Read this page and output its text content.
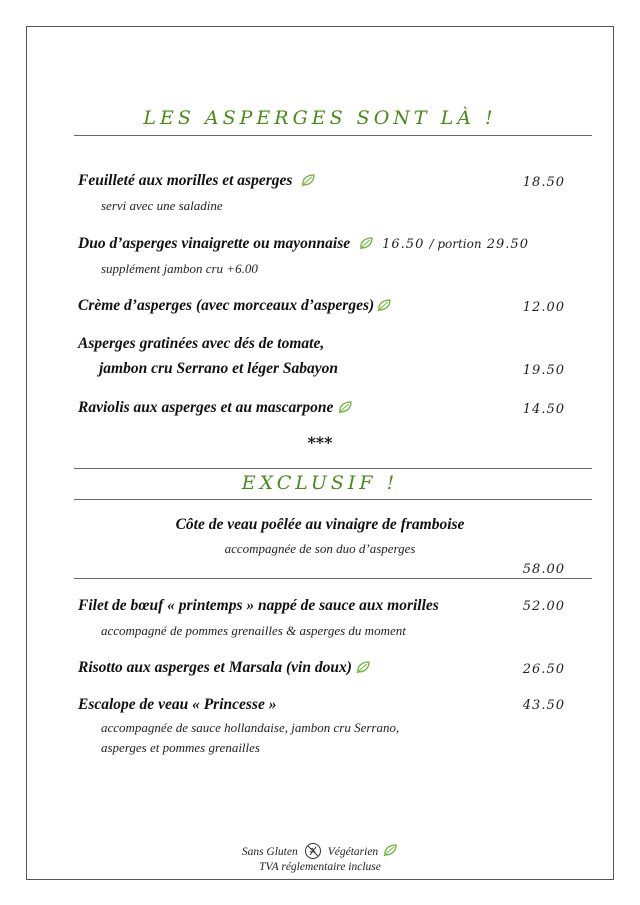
LES ASPERGES SONT LÀ !
Feuilleté aux morilles et asperges	18.50
servi avec une saladine
Duo d’asperges vinaigrette ou mayonnaise 16.50 / portion 29.50
supplément jambon cru +6.00
Crème d’asperges (avec morceaux d’asperges)	12.00
Asperges gratinées avec dés de tomate,
jambon cru Serrano et léger Sabayon	19.50
Raviolis aux asperges et au mascarpone	14.50
***
EXCLUSIF !
Côte de veau poêlée au vinaigre de framboise
accompagnée de son duo d’asperges
58.00
Filet de bœuf « printemps » nappé de sauce aux morilles	52.00
accompagné de pommes grenailles & asperges du moment
Risotto aux asperges et Marsala (vin doux)	26.50
Escalope de veau « Princesse »	43.50
accompagnée de sauce hollandaise, jambon cru Serrano,
asperges et pommes grenailles
Sans Gluten	Végétarien
TVA réglementaire incluse
